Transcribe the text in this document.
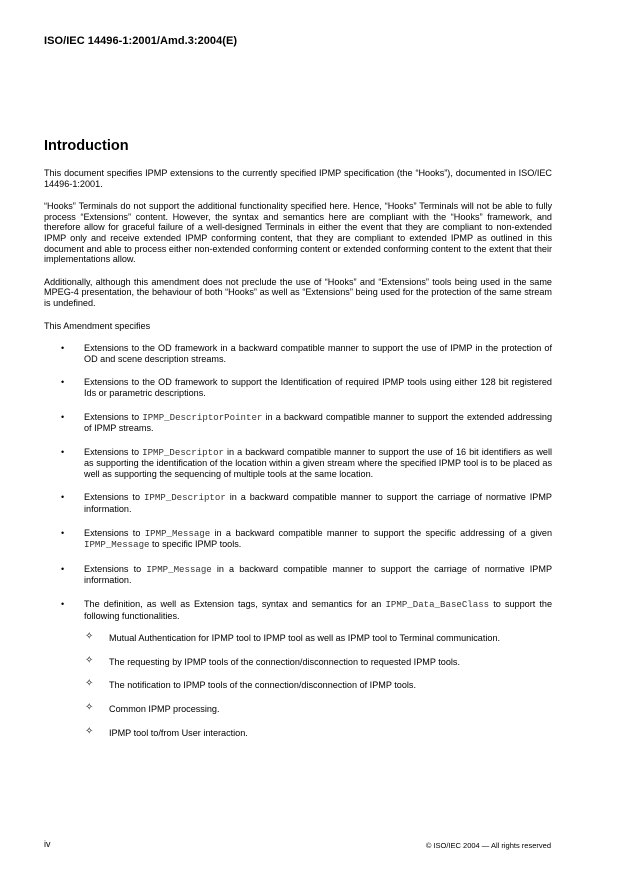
ISO/IEC 14496-1:2001/Amd.3:2004(E)
Introduction

This document specifies IPMP extensions to the currently specified IPMP specification (the “Hooks”), documented in ISO/IEC 14496-1:2001.

“Hooks” Terminals do not support the additional functionality specified here. Hence, “Hooks” Terminals will not be able to fully process “Extensions” content. However, the syntax and semantics here are compliant with the “Hooks” framework, and therefore allow for graceful failure of a well-designed Terminals in either the event that they are compliant to non-extended IPMP only and receive extended IPMP conforming content, that they are compliant to extended IPMP as outlined in this document and able to process either non-extended conforming content or extended conforming content to the extent that their implementations allow.

Additionally, although this amendment does not preclude the use of “Hooks” and “Extensions” tools being used in the same MPEG-4 presentation, the behaviour of both “Hooks” as well as “Extensions” being used for the protection of the same stream is undefined.

This Amendment specifies

• Extensions to the OD framework in a backward compatible manner to support the use of IPMP in the protection of OD and scene description streams.
• Extensions to the OD framework to support the Identification of required IPMP tools using either 128 bit registered Ids or parametric descriptions.
• Extensions to IPMP_DescriptorPointer in a backward compatible manner to support the extended addressing of IPMP streams.
• Extensions to IPMP_Descriptor in a backward compatible manner to support the use of 16 bit identifiers as well as supporting the identification of the location within a given stream where the specified IPMP tool is to be placed as well as supporting the sequencing of multiple tools at the same location.
• Extensions to IPMP_Descriptor in a backward compatible manner to support the carriage of normative IPMP information.
• Extensions to IPMP_Message in a backward compatible manner to support the specific addressing of a given IPMP_Message to specific IPMP tools.
• Extensions to IPMP_Message in a backward compatible manner to support the carriage of normative IPMP information.
• The definition, as well as Extension tags, syntax and semantics for an IPMP_Data_BaseClass to support the following functionalities.
✧ Mutual Authentication for IPMP tool to IPMP tool as well as IPMP tool to Terminal communication.
✧ The requesting by IPMP tools of the connection/disconnection to requested IPMP tools.
✧ The notification to IPMP tools of the connection/disconnection of IPMP tools.
✧ Common IPMP processing.
✧ IPMP tool to/from User interaction.
iv	© ISO/IEC 2004 — All rights reserved
